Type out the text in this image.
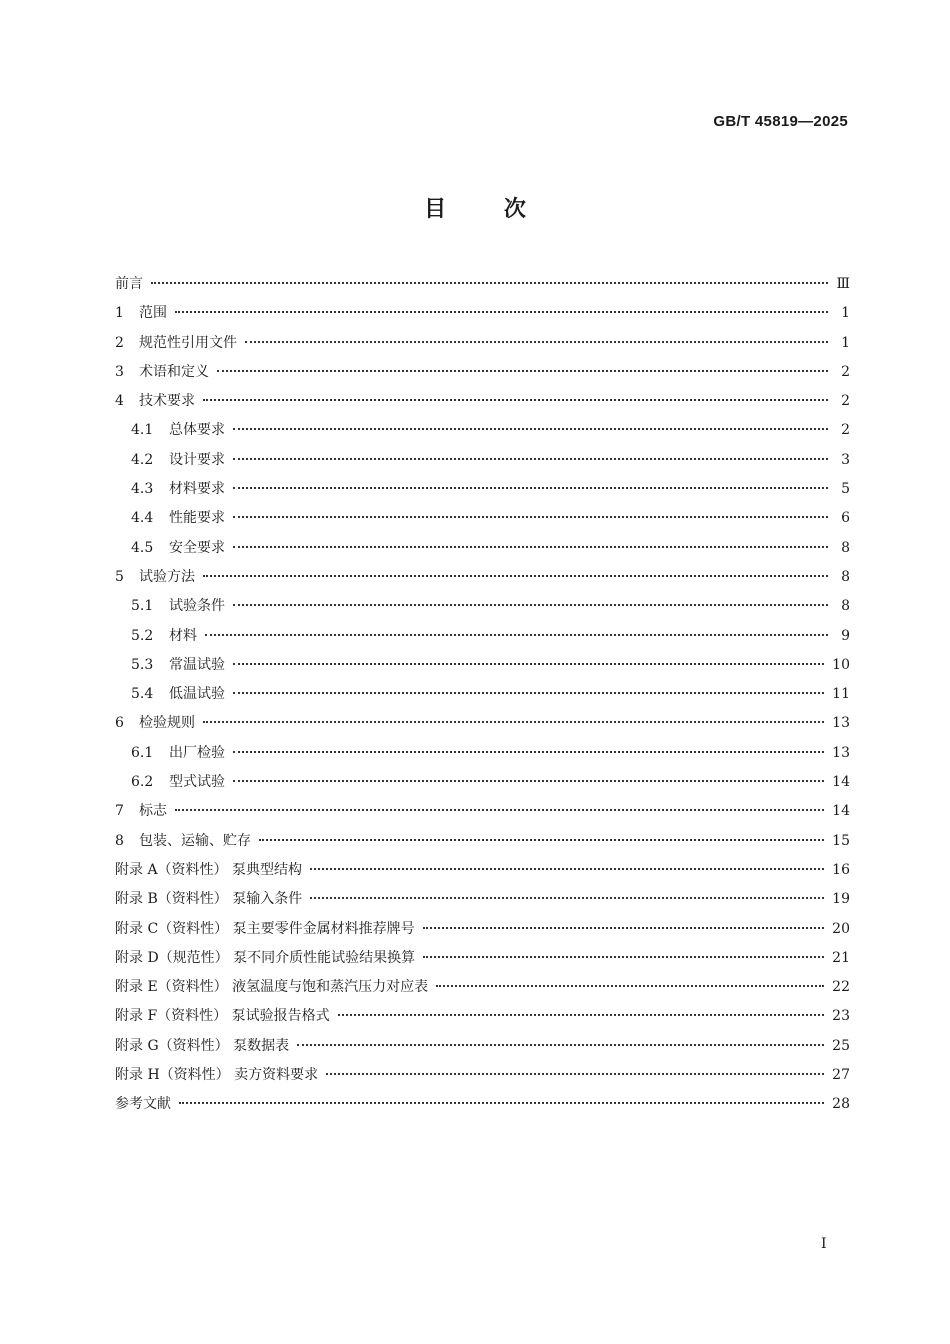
GB/T 45819—2025
目 次
前言	Ⅲ
1	范围	1
2	规范性引用文件	1
3	术语和定义	2
4	技术要求	2
4.1	总体要求	2
4.2	设计要求	3
4.3	材料要求	5
4.4	性能要求	6
4.5	安全要求	8
5	试验方法	8
5.1	试验条件	8
5.2	材料	9
5.3	常温试验	10
5.4	低温试验	11
6	检验规则	13
6.1	出厂检验	13
6.2	型式试验	14
7	标志	14
8	包装、运输、贮存	15
附录 A（资料性） 泵典型结构	16
附录 B（资料性） 泵输入条件	19
附录 C（资料性） 泵主要零件金属材料推荐牌号	20
附录 D（规范性） 泵不同介质性能试验结果换算	21
附录 E（资料性） 液氢温度与饱和蒸汽压力对应表	22
附录 F（资料性） 泵试验报告格式	23
附录 G（资料性） 泵数据表	25
附录 H（资料性） 卖方资料要求	27
参考文献	28
I
